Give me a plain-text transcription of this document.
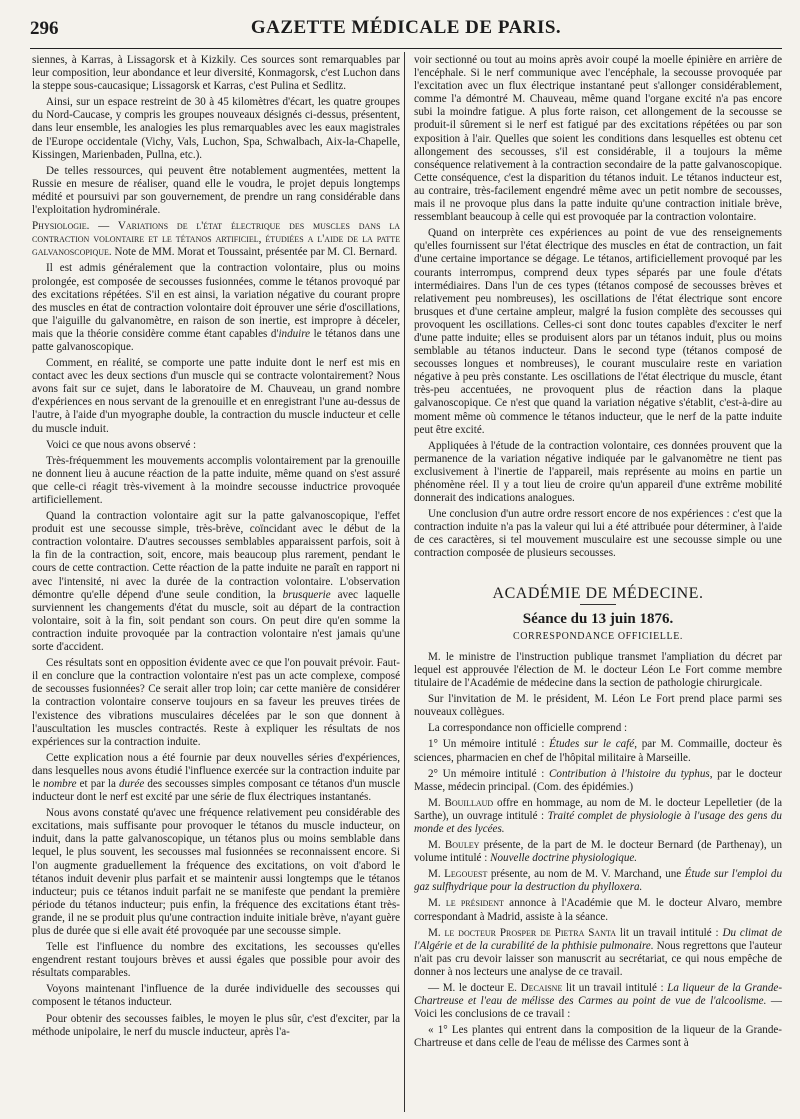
296	GAZETTE MÉDICALE DE PARIS.

siennes, à Karras, à Lissagorsk et à Kizkily. Ces sources sont remarquables par leur composition, leur abondance et leur diversité, Konmagorsk, c'est Luchon dans la steppe sous-caucasique; Lissagorsk et Karras, c'est Pulina et Sedlitz.

Ainsi, sur un espace restreint de 30 à 45 kilomètres d'écart, les quatre groupes du Nord-Caucase, y compris les groupes nouveaux désignés ci-dessus, présentent, dans leur ensemble, les analogies les plus remarquables avec les eaux magistrales de l'Europe occidentale (Vichy, Vals, Luchon, Spa, Schwalbach, Aix-la-Chapelle, Kissingen, Marienbaden, Pullna, etc.).

De telles ressources, qui peuvent être notablement augmentées, mettent la Russie en mesure de réaliser, quand elle le voudra, le projet depuis longtemps médité et poursuivi par son gouvernement, de prendre un rang considérable dans l'exploitation hydrominérale.

Physiologie. — Variations de l'état électrique des muscles dans la contraction volontaire et le tétanos artificiel, étudiées a l'aide de la patte galvanoscopique. Note de MM. Morat et Toussaint, présentée par M. Cl. Bernard.

Il est admis généralement que la contraction volontaire, plus ou moins prolongée, est composée de secousses fusionnées, comme le tétanos provoqué par des excitations répétées. S'il en est ainsi, la variation négative du courant propre des muscles en état de contraction volontaire doit éprouver une série d'oscillations, que l'aiguille du galvanomètre, en raison de son inertie, est impropre à déceler, mais que la théorie considère comme étant capables d'induire le tétanos dans une patte galvanoscopique.

Comment, en réalité, se comporte une patte induite dont le nerf est mis en contact avec les deux sections d'un muscle qui se contracte volontairement? Nous avons fait sur ce sujet, dans le laboratoire de M. Chauveau, un grand nombre d'expériences en nous servant de la grenouille et en enregistrant l'une au-dessus de l'autre, à l'aide d'un myographe double, la contraction du muscle inducteur et celle du muscle induit.

Voici ce que nous avons observé :

Très-fréquemment les mouvements accomplis volontairement par la grenouille ne donnent lieu à aucune réaction de la patte induite, même quand on s'est assuré que celle-ci réagit très-vivement à la moindre secousse inductrice provoquée artificiellement.

Quand la contraction volontaire agit sur la patte galvanoscopique, l'effet produit est une secousse simple, très-brève, coïncidant avec le début de la contraction volontaire. D'autres secousses semblables apparaissent parfois, soit à la fin de la contraction, soit, encore, mais beaucoup plus rarement, pendant le cours de cette contraction. Cette réaction de la patte induite ne paraît en rapport ni avec l'intensité, ni avec la durée de la contraction volontaire. L'observation démontre qu'elle dépend d'une seule condition, la brusquerie avec laquelle surviennent les changements d'état du muscle, soit au départ de la contraction volontaire, soit à la fin, soit pendant son cours. On peut dire qu'en somme la contraction induite provoquée par la contraction volontaire n'est jamais qu'une sorte d'accident.

Ces résultats sont en opposition évidente avec ce que l'on pouvait prévoir. Faut-il en conclure que la contraction volontaire n'est pas un acte complexe, composé de secousses fusionnées? Ce serait aller trop loin; car cette manière de considérer la contraction volontaire conserve toujours en sa faveur les preuves tirées de l'existence des vibrations musculaires décelées par le son que donnent à l'auscultation les muscles contractés. Reste à expliquer les résultats de nos expériences sur la contraction induite.

Cette explication nous a été fournie par deux nouvelles séries d'expériences, dans lesquelles nous avons étudié l'influence exercée sur la contraction induite par le nombre et par la durée des secousses simples composant ce tétanos d'un muscle inducteur dont le nerf est excité par une série de flux électriques instantanés.

Nous avons constaté qu'avec une fréquence relativement peu considérable des excitations, mais suffisante pour provoquer le tétanos du muscle inducteur, on induit, dans la patte galvanoscopique, un tétanos plus ou moins semblable dans lequel, le plus souvent, les secousses mal fusionnées se reconnaissent encore. Si l'on augmente graduellement la fréquence des excitations, on voit d'abord le tétanos induit devenir plus parfait et se maintenir aussi longtemps que le tétanos inducteur; puis ce tétanos induit parfait ne se manifeste que pendant la première période du tétanos inducteur; puis enfin, la fréquence des excitations étant très-grande, il ne se produit plus qu'une contraction induite initiale brève, n'ayant guère plus de durée que si elle avait été provoquée par une secousse simple.

Telle est l'influence du nombre des excitations, les secousses qu'elles engendrent restant toujours brèves et aussi égales que possible pour avoir des résultats comparables.

Voyons maintenant l'influence de la durée individuelle des secousses qui composent le tétanos inducteur.

Pour obtenir des secousses faibles, le moyen le plus sûr, c'est d'exciter, par la méthode unipolaire, le nerf du muscle inducteur, après l'a-

voir sectionné ou tout au moins après avoir coupé la moelle épinière en arrière de l'encéphale. Si le nerf communique avec l'encéphale, la secousse provoquée par l'excitation avec un flux électrique instantané peut s'allonger considérablement, comme l'a démontré M. Chauveau, même quand l'organe excité n'a pas encore subi la moindre fatigue. A plus forte raison, cet allongement de la secousse se produit-il sûrement si le nerf est fatigué par des excitations répétées ou par son exposition à l'air. Quelles que soient les conditions dans lesquelles est obtenu cet allongement des secousses, s'il est considérable, il a toujours la même conséquence relativement à la contraction secondaire de la patte galvanoscopique. Cette conséquence, c'est la disparition du tétanos induit. Le tétanos inducteur est, au contraire, très-facilement engendré même avec un petit nombre de secousses, mais il ne provoque plus dans la patte induite qu'une contraction initiale brève, ressemblant beaucoup à celle qui est provoquée par la contraction volontaire.

Quand on interprète ces expériences au point de vue des renseignements qu'elles fournissent sur l'état électrique des muscles en état de contraction, un fait d'une certaine importance se dégage. Le tétanos, artificiellement provoqué par les courants interrompus, comprend deux types séparés par une foule d'états intermédiaires. Dans l'un de ces types (tétanos composé de secousses brèves et relativement peu nombreuses), les oscillations de l'état électrique sont encore brusques et d'une certaine ampleur, malgré la fusion complète des secousses qui provoquent les oscillations. Celles-ci sont donc toutes capables d'exciter le nerf d'une patte induite; elles se produisent alors par un tétanos induit, plus ou moins semblable au tétanos inducteur. Dans le second type (tétanos composé de secousses longues et nombreuses), le courant musculaire reste en variation négative à peu près constante. Les oscillations de l'état électrique du muscle, étant très-peu accentuées, ne provoquent plus de réaction dans la plaque galvanoscopique. Ce n'est que quand la variation négative s'établit, c'est-à-dire au moment même où commence le tétanos inducteur, que le nerf de la patte induite peut être excité.

Appliquées à l'étude de la contraction volontaire, ces données prouvent que la permanence de la variation négative indiquée par le galvanomètre ne tient pas exclusivement à l'inertie de l'appareil, mais représente au moins en partie un phénomène réel. Il y a tout lieu de croire qu'un appareil d'une extrême mobilité donnerait des indications analogues.

Une conclusion d'un autre ordre ressort encore de nos expériences : c'est que la contraction induite n'a pas la valeur qui lui a été attribuée pour déterminer, à l'aide de ces caractères, si tel mouvement musculaire est une secousse simple ou une contraction composée de plusieurs secousses.

ACADÉMIE DE MÉDECINE.
Séance du 13 juin 1876.
CORRESPONDANCE OFFICIELLE.

M. le ministre de l'instruction publique transmet l'ampliation du décret par lequel est approuvée l'élection de M. le docteur Léon Le Fort comme membre titulaire de l'Académie de médecine dans la section de pathologie chirurgicale.

Sur l'invitation de M. le président, M. Léon Le Fort prend place parmi ses nouveaux collègues.

La correspondance non officielle comprend :

1° Un mémoire intitulé : Études sur le café, par M. Commaille, docteur ès sciences, pharmacien en chef de l'hôpital militaire à Marseille.

2° Un mémoire intitulé : Contribution à l'histoire du typhus, par le docteur Masse, médecin principal. (Com. des épidémies.)

M. Bouillaud offre en hommage, au nom de M. le docteur Lepelletier (de la Sarthe), un ouvrage intitulé : Traité complet de physiologie à l'usage des gens du monde et des lycées.

M. Bouley présente, de la part de M. le docteur Bernard (de Parthenay), un volume intitulé : Nouvelle doctrine physiologique.

M. Legouest présente, au nom de M. V. Marchand, une Étude sur l'emploi du gaz sulfhydrique pour la destruction du phylloxera.

M. le président annonce à l'Académie que M. le docteur Alvaro, membre correspondant à Madrid, assiste à la séance.

M. le docteur Prosper de Pietra Santa lit un travail intitulé : Du climat de l'Algérie et de la curabilité de la phthisie pulmonaire. Nous regrettons que l'auteur n'ait pas cru devoir laisser son manuscrit au secrétariat, ce qui nous empêche de donner à nos lecteurs une analyse de ce travail.

— M. le docteur E. Decaisne lit un travail intitulé : La liqueur de la Grande-Chartreuse et l'eau de mélisse des Carmes au point de vue de l'alcoolisme. — Voici les conclusions de ce travail :

« 1° Les plantes qui entrent dans la composition de la liqueur de la Grande-Chartreuse et dans celle de l'eau de mélisse des Carmes sont à
